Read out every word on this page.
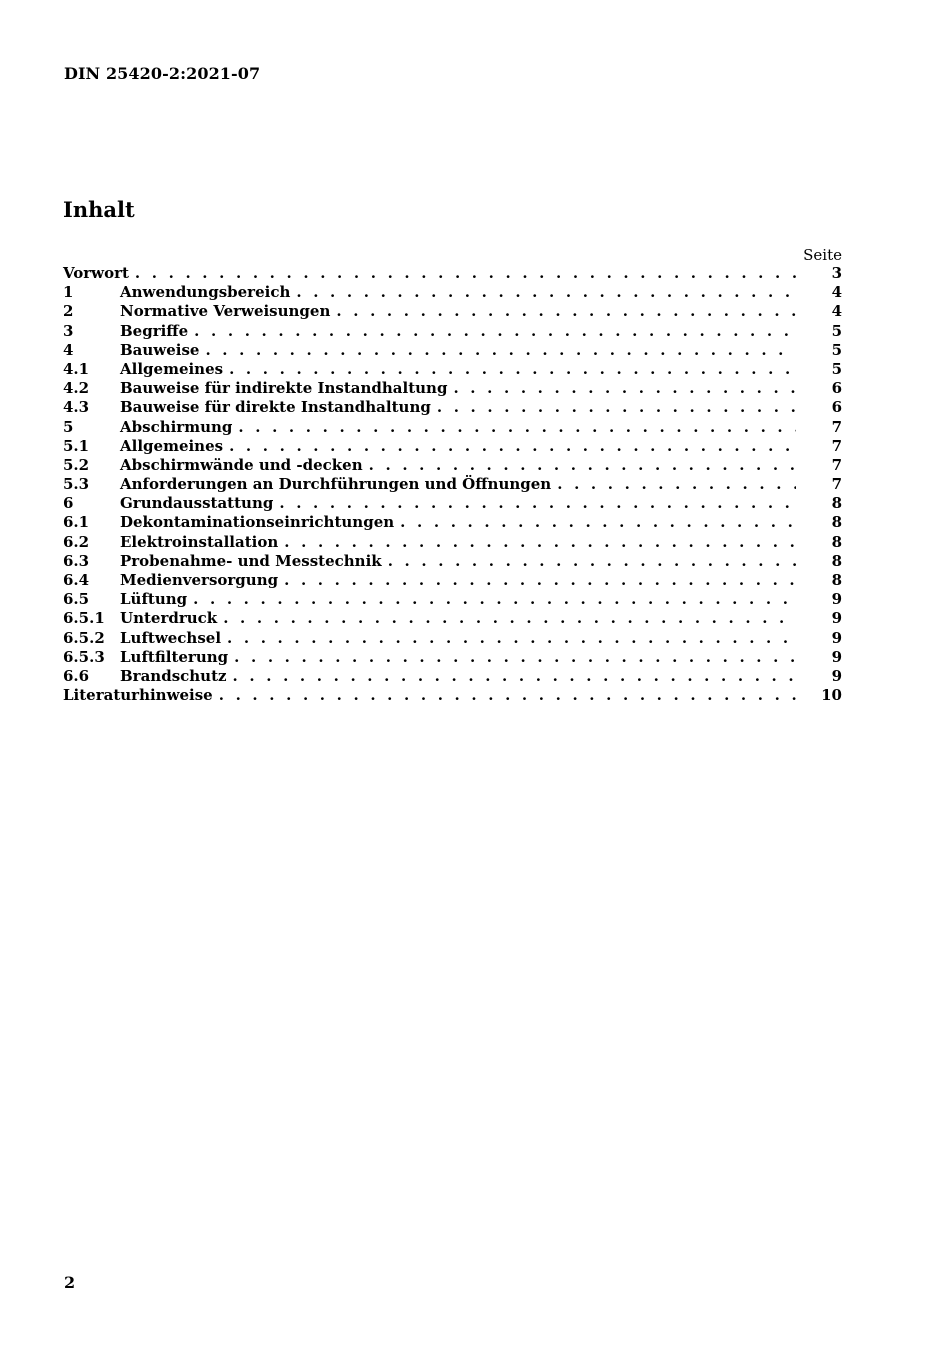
DIN 25420-2:2021-07
Inhalt
Seite
Vorwort . . .	3
1	Anwendungsbereich . . .	4
2	Normative Verweisungen . . .	4
3	Begriffe . . .	5
4	Bauweise . . .	5
4.1	Allgemeines . . .	5
4.2	Bauweise für indirekte Instandhaltung . . .	6
4.3	Bauweise für direkte Instandhaltung . . .	6
5	Abschirmung . . .	7
5.1	Allgemeines . . .	7
5.2	Abschirmwände und -decken . . .	7
5.3	Anforderungen an Durchführungen und Öffnungen . . .	7
6	Grundausstattung . . .	8
6.1	Dekontaminationseinrichtungen . . .	8
6.2	Elektroinstallation . . .	8
6.3	Probenahme- und Messtechnik . . .	8
6.4	Medienversorgung . . .	8
6.5	Lüftung . . .	9
6.5.1	Unterdruck . . .	9
6.5.2	Luftwechsel . . .	9
6.5.3	Luftfilterung . . .	9
6.6	Brandschutz . . .	9
Literaturhinweise . . .	10
2
